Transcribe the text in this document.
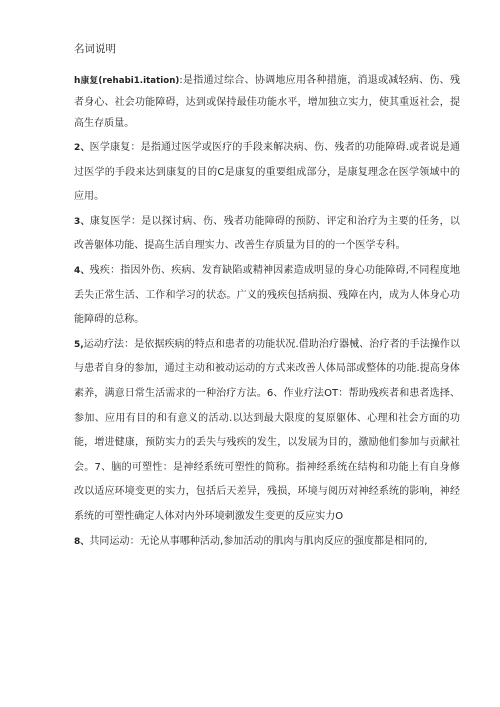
名词说明

h康复(rehabi1.itation):是指通过综合、协调地应用各种措施，消退或减轻病、伤、残者身心、社会功能障碍，达到或保持最佳功能水平，增加独立实力，使其重返社会，提高生存质量。

2、医学康复：是指通过医学或医疗的手段来解决病、伤、残者的功能障碍.或者说是通过医学的手段来达到康复的目的C是康复的重要组成部分，是康复理念在医学领域中的应用。

3、康复医学：是以探讨病、伤、残者功能障碍的预防、评定和治疗为主要的任务，以改善躯体功能、提高生活自理实力、改善生存质量为目的的一个医学专科。

4、残疾：指因外伤、疾病、发育缺陷或精神因素造成明显的身心功能障碍,不同程度地丢失正常生活、工作和学习的状态。广义的残疾包括病损、残障在内，成为人体身心功能障碍的总称。

5,运动疗法：是依据疾病的特点和患者的功能状况.借助治疗器械、治疗者的手法操作以与患者自身的参加，通过主动和被动运动的方式来改善人体局部或整体的功能.提高身体素养，满意日常生活需求的一种治疗方法。6、作业疗法OT：帮助残疾者和患者选择、参加、应用有目的和有意义的活动.以达到最大限度的复原躯体、心理和社会方面的功能，增进健康，预防实力的丢失与残疾的发生，以发展为目的，激励他们参加与贡献社会。7、脑的可塑性：是神经系统可塑性的简称。指神经系统在结构和功能上有自身修改以适应环境变更的实力，包括后天差异，残损，环境与阅历对神经系统的影响，神经系统的可塑性确定人体对内外环境剌激发生变更的反应实力O

8、共同运动：无论从事哪种活动,参加活动的肌肉与肌肉反应的强度都是相同的,
